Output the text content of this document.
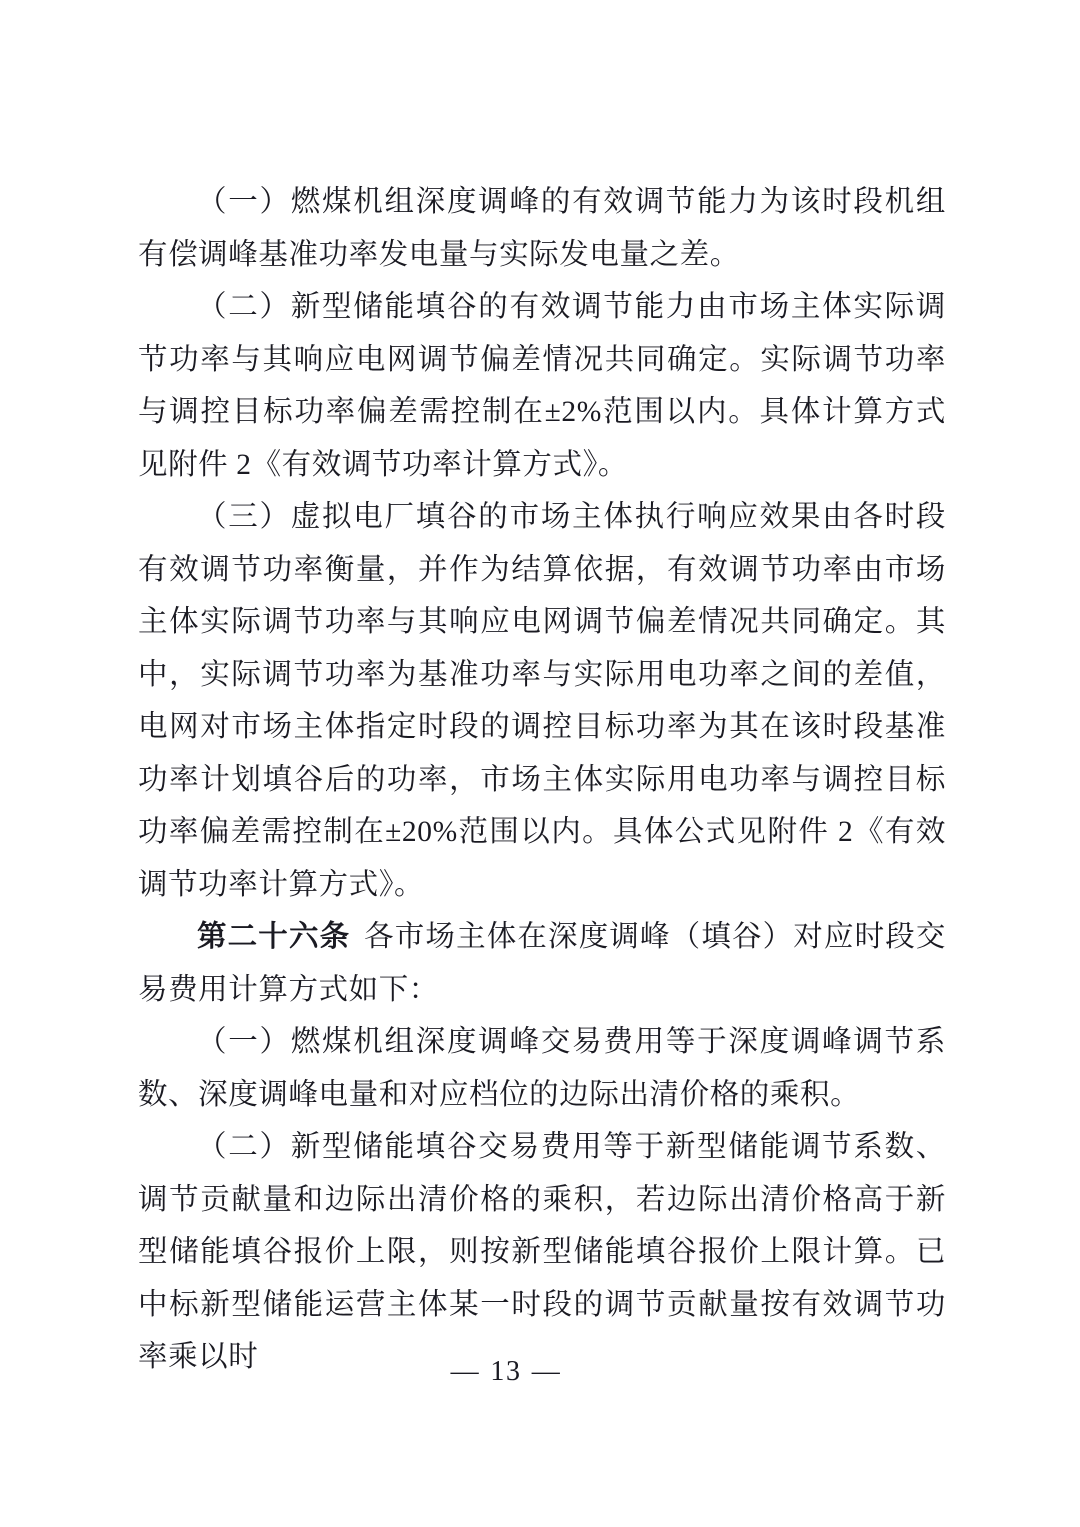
（一）燃煤机组深度调峰的有效调节能力为该时段机组有偿调峰基准功率发电量与实际发电量之差。

（二）新型储能填谷的有效调节能力由市场主体实际调节功率与其响应电网调节偏差情况共同确定。实际调节功率与调控目标功率偏差需控制在±2%范围以内。具体计算方式见附件 2《有效调节功率计算方式》。

（三）虚拟电厂填谷的市场主体执行响应效果由各时段有效调节功率衡量，并作为结算依据，有效调节功率由市场主体实际调节功率与其响应电网调节偏差情况共同确定。其中，实际调节功率为基准功率与实际用电功率之间的差值，电网对市场主体指定时段的调控目标功率为其在该时段基准功率计划填谷后的功率，市场主体实际用电功率与调控目标功率偏差需控制在±20%范围以内。具体公式见附件 2《有效调节功率计算方式》。

第二十六条 各市场主体在深度调峰（填谷）对应时段交易费用计算方式如下：

（一）燃煤机组深度调峰交易费用等于深度调峰调节系数、深度调峰电量和对应档位的边际出清价格的乘积。

（二）新型储能填谷交易费用等于新型储能调节系数、调节贡献量和边际出清价格的乘积，若边际出清价格高于新型储能填谷报价上限，则按新型储能填谷报价上限计算。已中标新型储能运营主体某一时段的调节贡献量按有效调节功率乘以时	— 13 —
